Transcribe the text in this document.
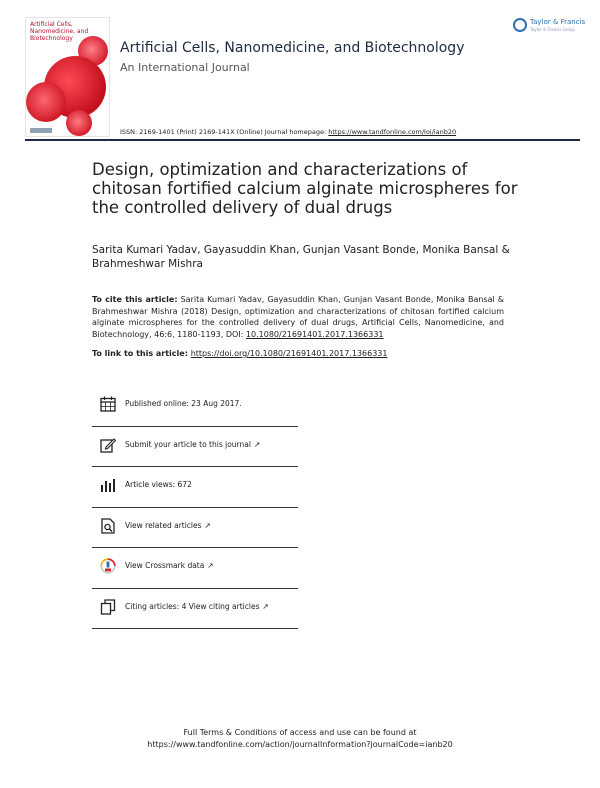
Artificial Cells, Nanomedicine, and Biotechnology
Artificial Cells, Nanomedicine, and Biotechnology
An International Journal
Taylor & Francis
Taylor & Francis Group
ISSN: 2169-1401 (Print) 2169-141X (Online) Journal homepage: https://www.tandfonline.com/loi/ianb20
Design, optimization and characterizations of chitosan fortified calcium alginate microspheres for the controlled delivery of dual drugs
Sarita Kumari Yadav, Gayasuddin Khan, Gunjan Vasant Bonde, Monika Bansal & Brahmeshwar Mishra
To cite this article: Sarita Kumari Yadav, Gayasuddin Khan, Gunjan Vasant Bonde, Monika Bansal & Brahmeshwar Mishra (2018) Design, optimization and characterizations of chitosan fortified calcium alginate microspheres for the controlled delivery of dual drugs, Artificial Cells, Nanomedicine, and Biotechnology, 46:6, 1180-1193, DOI: 10.1080/21691401.2017.1366331
To link to this article: https://doi.org/10.1080/21691401.2017.1366331
Published online: 23 Aug 2017.
Submit your article to this journal ↗
Article views: 672
View related articles ↗
View Crossmark data ↗
Citing articles: 4 View citing articles ↗
Full Terms & Conditions of access and use can be found at
https://www.tandfonline.com/action/journalInformation?journalCode=ianb20
